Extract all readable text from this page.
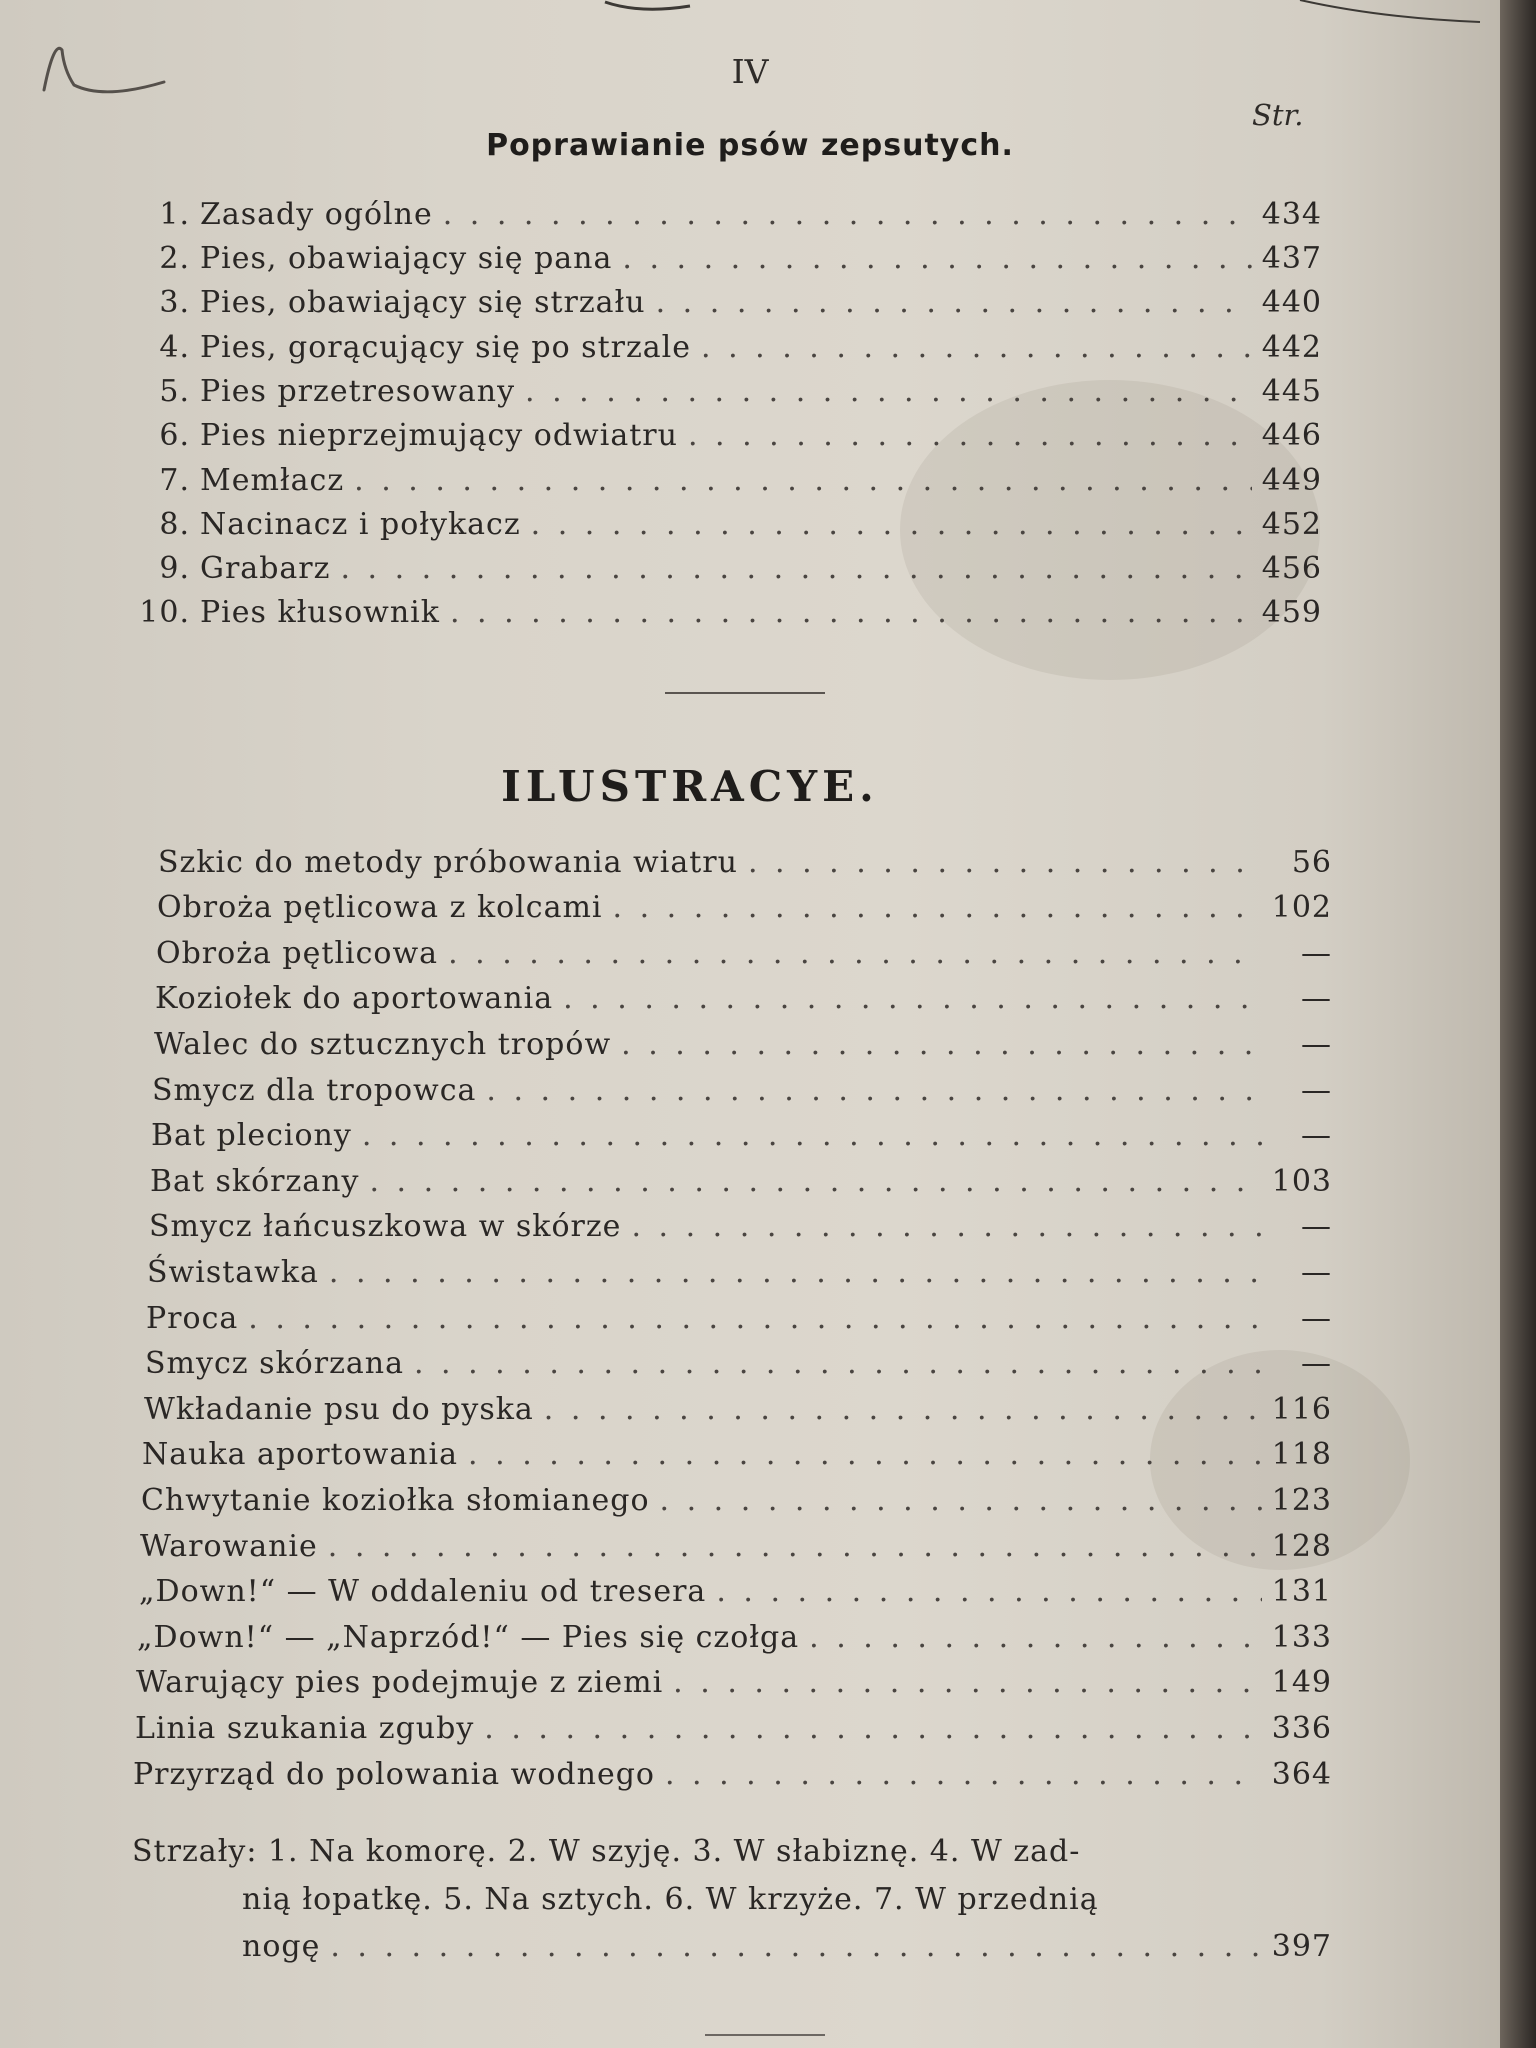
IV
Str.
Poprawianie psów zepsutych.
1. Zasady ogólne . . .	434
2. Pies, obawiający się pana . . .	437
3. Pies, obawiający się strzału . . .	440
4. Pies, gorącujący się po strzale . . .	442
5. Pies przetresowany . . .	445
6. Pies nieprzejmujący odwiatru . . .	446
7. Memłacz . . .	449
8. Nacinacz i połykacz . . .	452
9. Grabarz . . .	456
10. Pies kłusownik . . .	459
ILUSTRACYE.
Szkic do metody próbowania wiatru . . .	56
Obroża pętlicowa z kolcami . . .	102
Obroża pętlicowa . . .	—
Koziołek do aportowania . . .	—
Walec do sztucznych tropów . . .	—
Smycz dla tropowca . . .	—
Bat pleciony . . .	—
Bat skórzany . . .	103
Smycz łańcuszkowa w skórze . . .	—
Świstawka . . .	—
Proca . . .	—
Smycz skórzana . . .	—
Wkładanie psu do pyska . . .	116
Nauka aportowania . . .	118
Chwytanie koziołka słomianego . . .	123
Warowanie . . .	128
„Down!“ — W oddaleniu od tresera . . .	131
„Down!“ — „Naprzód!“ — Pies się czołga . . .	133
Warujący pies podejmuje z ziemi . . .	149
Linia szukania zguby . . .	336
Przyrząd do polowania wodnego . . .	364
Strzały: 1. Na komorę. 2. W szyję. 3. W słabiznę. 4. W zad-
nią łopatkę. 5. Na sztych. 6. W krzyże. 7. W przednią
nogę . . .	397
